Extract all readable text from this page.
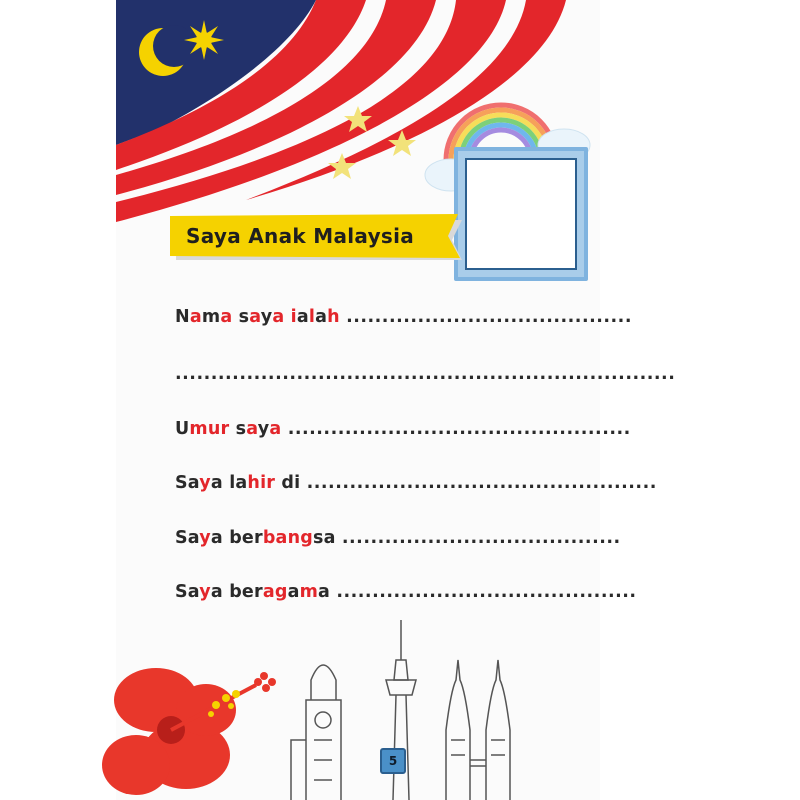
Saya Anak Malaysia
Nama saya ialah ........................................
......................................................................
Umur saya ................................................
Saya lahir di .................................................
Saya berbangsa .......................................
Saya beragama ..........................................
5
